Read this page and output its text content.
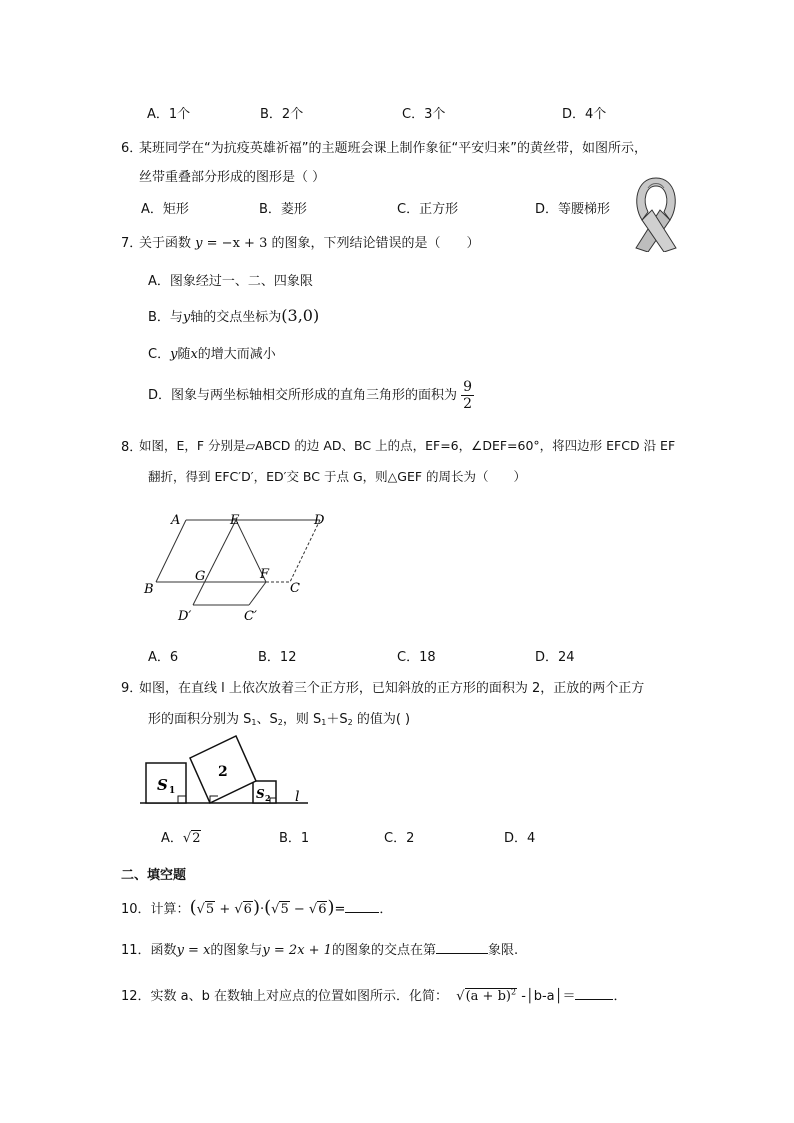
A．1个	B．2个	C．3个	D．4个
6．
某班同学在“为抗疫英雄祈福”的主题班会课上制作象征“平安归来”的黄丝带，如图所示，
丝带重叠部分形成的图形是（ ）
A．矩形	B．菱形	C．正方形	D．等腰梯形
7．
关于函数 y = −x + 3 的图象，下列结论错误的是（　　）
A．图象经过一、二、四象限
B．与y轴的交点坐标为(3,0)
C．y随x的增大而减小
D．图象与两坐标轴相交所形成的直角三角形的面积为 $\frac{9}{2}$
8．
如图，E，F 分别是▱ABCD 的边 AD、BC 上的点，EF=6，∠DEF=60°，将四边形 EFCD 沿 EF
翻折，得到 EFC′D′，ED′交 BC 于点 G，则△GEF 的周长为（　　）
A	E	D
B
G	F
C
D′	C′
A．6	B．12	C．18	D．24
9．
如图，在直线 l 上依次放着三个正方形，已知斜放的正方形的面积为 2，正放的两个正方
形的面积分别为 $S_1$、$S_2$，则 $S_1+S_2$ 的值为( )
S 1
2
S 2 l
A．√2	B．1	C．2	D．4
二、填空题
10．计算：(√5 + √6)·(√5 − √6)=	．
11．函数y = x的图象与y = 2x + 1的图象的交点在第	象限.
12．实数 a、b 在数轴上对应点的位置如图所示．化简： $√(a + b)^2$ -│b-a│＝	．
